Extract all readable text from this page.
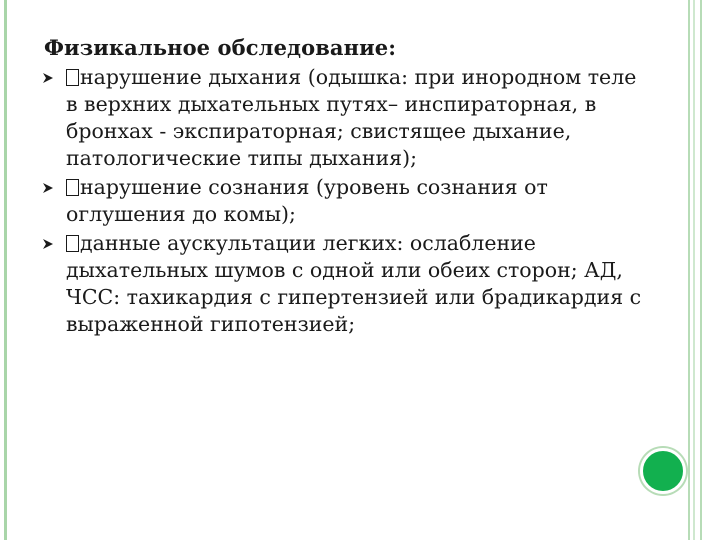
Физикальное обследование:
нарушение дыхания (одышка: при инородном теле в верхних дыхательных путях– инспираторная, в бронхах - экспираторная; свистящее дыхание, патологические типы дыхания);
нарушение сознания (уровень сознания от оглушения до комы);
данные аускультации легких: ослабление дыхательных шумов с одной или обеих сторон; АД, ЧСС: тахикардия с гипертензией или брадикардия с выраженной гипотензией;
